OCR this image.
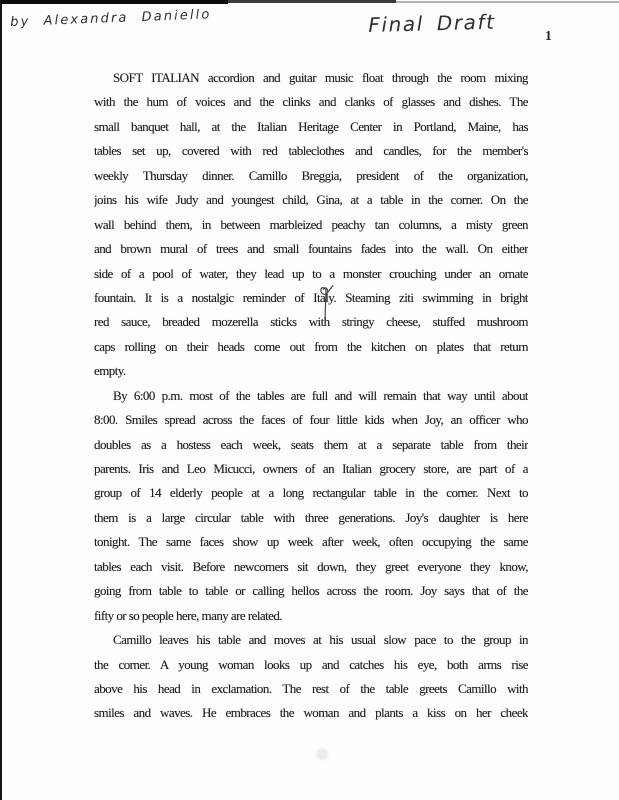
by Alexandra Daniello	Final Draft	1
SOFT ITALIAN accordion and guitar music float through the room mixing
with the hum of voices and the clinks and clanks of glasses and dishes. The
small banquet hall, at the Italian Heritage Center in Portland, Maine, has
tables set up, covered with red tableclothes and candles, for the member's
weekly Thursday dinner. Camillo Breggia, president of the organization,
joins his wife Judy and youngest child, Gina, at a table in the corner. On the
wall behind them, in between marbleized peachy tan columns, a misty green
and brown mural of trees and small fountains fades into the wall. On either
side of a pool of water, they lead up to a monster crouching under an ornate
fountain. It is a nostalgic reminder of Italy. Steaming ziti swimming in bright
red sauce, breaded mozerella sticks with stringy cheese, stuffed mushroom
caps rolling on their heads come out from the kitchen on plates that return
empty.
By 6:00 p.m. most of the tables are full and will remain that way until about
8:00. Smiles spread across the faces of four little kids when Joy, an officer who
doubles as a hostess each week, seats them at a separate table from their
parents. Iris and Leo Micucci, owners of an Italian grocery store, are part of a
group of 14 elderly people at a long rectangular table in the corner. Next to
them is a large circular table with three generations. Joy's daughter is here
tonight. The same faces show up week after week, often occupying the same
tables each visit. Before newcomers sit down, they greet everyone they know,
going from table to table or calling hellos across the room. Joy says that of the
fifty or so people here, many are related.
Camillo leaves his table and moves at his usual slow pace to the group in
the corner. A young woman looks up and catches his eye, both arms rise
above his head in exclamation. The rest of the table greets Camillo with
smiles and waves. He embraces the woman and plants a kiss on her cheek
